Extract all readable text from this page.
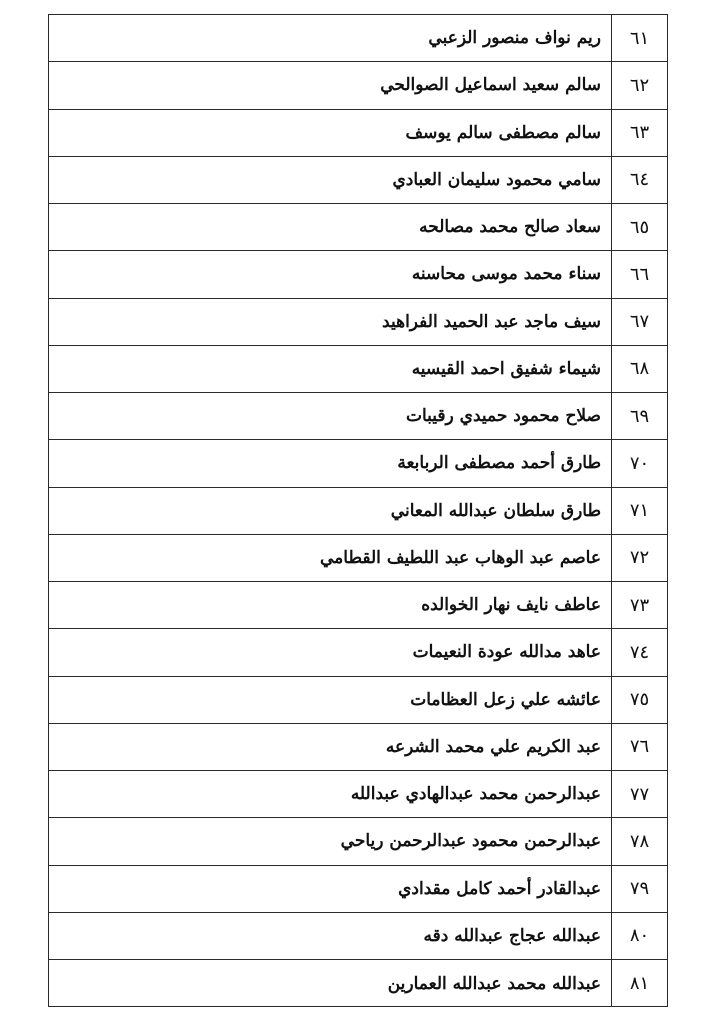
٦١
ريم نواف منصور الزعبي
٦٢
سالم سعيد اسماعيل الصوالحي
٦٣
سالم مصطفى سالم يوسف
٦٤
سامي محمود سليمان العبادي
٦٥
سعاد صالح محمد مصالحه
٦٦
سناء محمد موسى محاسنه
٦٧
سيف ماجد عبد الحميد الفراهيد
٦٨
شيماء شفيق احمد القيسيه
٦٩
صلاح محمود حميدي رقيبات
٧٠
طارق أحمد مصطفى الربابعة
٧١
طارق سلطان عبدالله المعاني
٧٢
عاصم عبد الوهاب عبد اللطيف القطامي
٧٣
عاطف نايف نهار الخوالده
٧٤
عاهد مدالله عودة النعيمات
٧٥
عائشه علي زعل العظامات
٧٦
عبد الكريم علي محمد الشرعه
٧٧
عبدالرحمن محمد عبدالهادي عبدالله
٧٨
عبدالرحمن محمود عبدالرحمن رياحي
٧٩
عبدالقادر أحمد كامل مقدادي
٨٠
عبدالله عجاج عبدالله دقه
٨١
عبدالله محمد عبدالله العمارين
